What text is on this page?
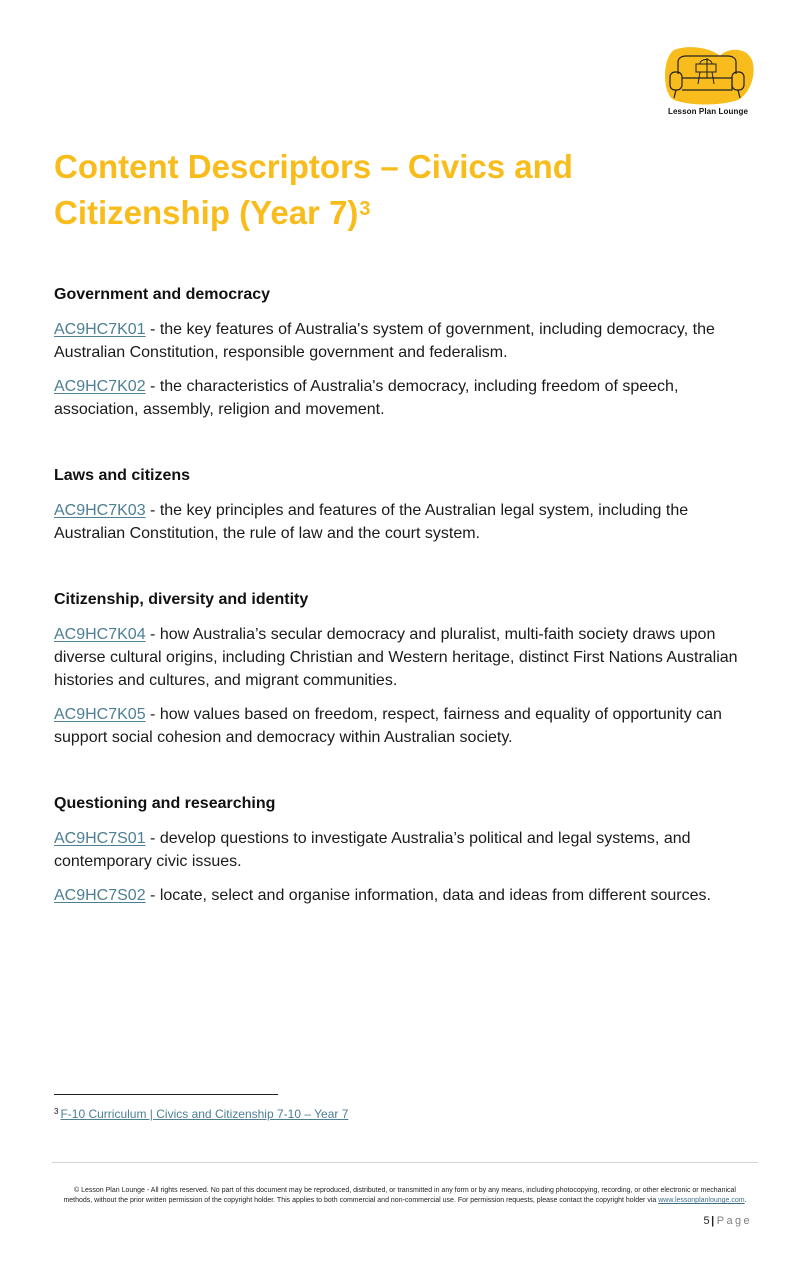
Lesson Plan Lounge
Content Descriptors – Civics and Citizenship (Year 7)$^3$
Government and democracy

AC9HC7K01 - the key features of Australia's system of government, including democracy, the Australian Constitution, responsible government and federalism.

AC9HC7K02 - the characteristics of Australia's democracy, including freedom of speech, association, assembly, religion and movement.

Laws and citizens

AC9HC7K03 - the key principles and features of the Australian legal system, including the Australian Constitution, the rule of law and the court system.

Citizenship, diversity and identity

AC9HC7K04 - how Australia’s secular democracy and pluralist, multi-faith society draws upon diverse cultural origins, including Christian and Western heritage, distinct First Nations Australian histories and cultures, and migrant communities.

AC9HC7K05 - how values based on freedom, respect, fairness and equality of opportunity can support social cohesion and democracy within Australian society.

Questioning and researching

AC9HC7S01 - develop questions to investigate Australia’s political and legal systems, and contemporary civic issues.

AC9HC7S02 - locate, select and organise information, data and ideas from different sources.

$^3$ F-10 Curriculum | Civics and Citizenship 7-10 – Year 7
© Lesson Plan Lounge - All rights reserved. No part of this document may be reproduced, distributed, or transmitted in any form or by any means, including photocopying, recording, or other electronic or mechanical methods, without the prior written permission of the copyright holder. This applies to both commercial and non-commercial use. For permission requests, please contact the copyright holder via www.lessonplanlounge.com.
5| Page
